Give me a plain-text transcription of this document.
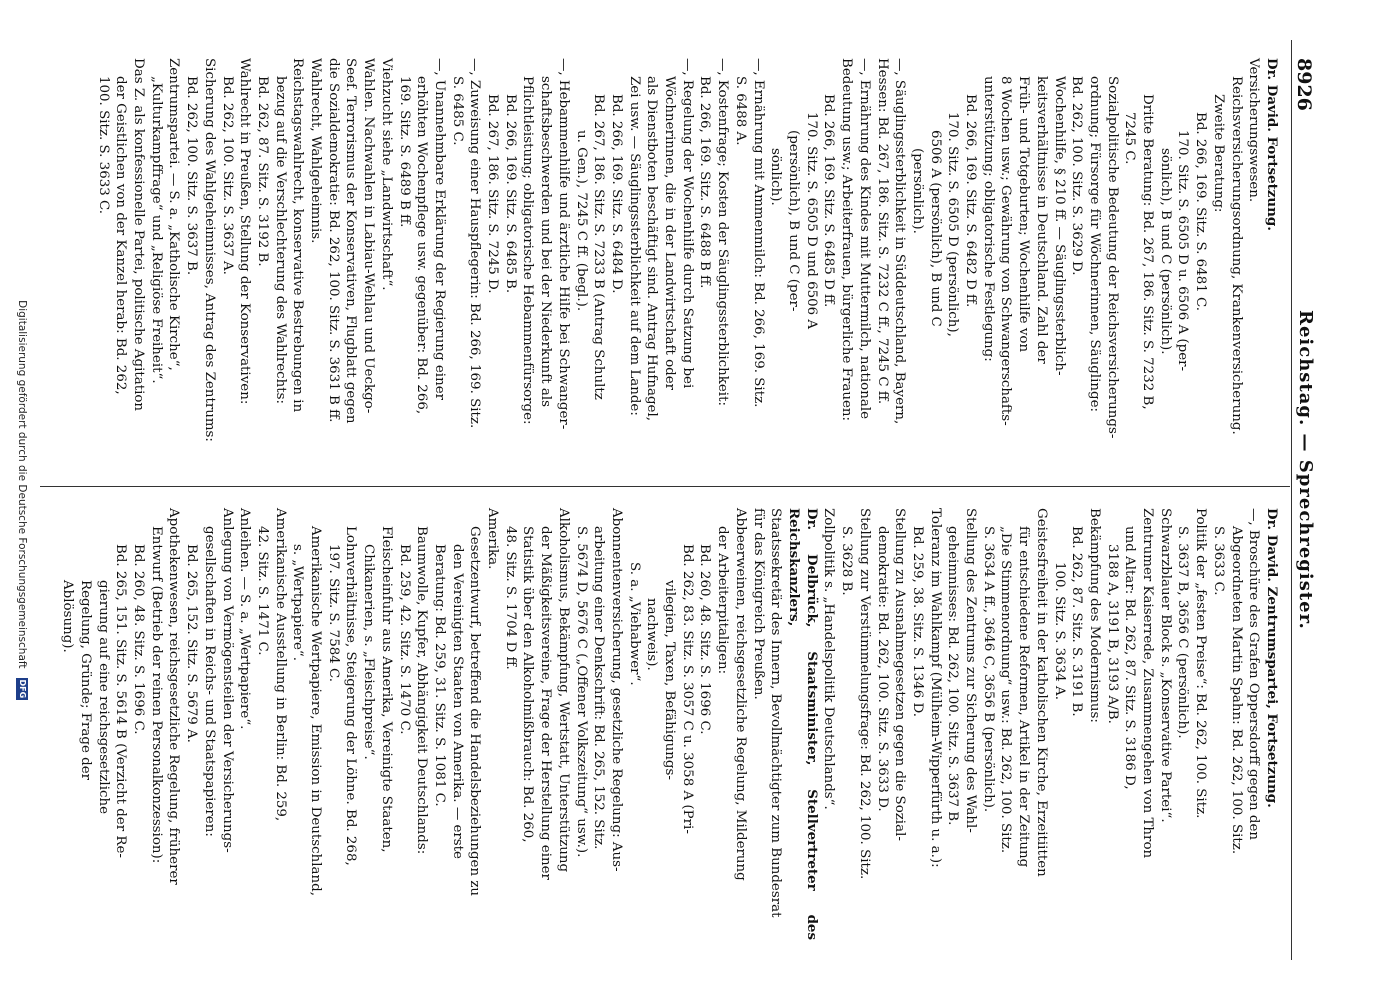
8926
Reichstag. — Sprechregister.

Dr. David. Fortsetzung.

Versicherungswesen.

Reichsversicherungsordnung, Krankenversicherung.

Zweite Beratung:

Bd. 266, 169. Sitz. S. 6481 C.

170. Sitz. S. 6505 D u. 6506 A (per-

sönlich), B und C (persönlich).

Dritte Beratung: Bd. 267, 186. Sitz. S. 7232 B,

7245 C.

Sozialpolitische Bedeutung der Reichsversicherungs-

ordnung; Fürsorge für Wöchnerinnen, Säuglinge:

Bd. 262, 100. Sitz. S. 3629 D.

Wochenhilfe, § 210 ff. — Säuglingssterblich-

keitsverhältnisse in Deutschland. Zahl der

Früh- und Totgeburten; Wochenhilfe von

8 Wochen usw.; Gewährung von Schwangerschafts-

unterstützung; obligatorische Festlegung:

Bd. 266, 169. Sitz. S. 6482 D ff.

170. Sitz. S. 6505 D (persönlich),

6506 A (persönlich), B und C

(persönlich).

—, Säuglingssterblichkeit in Süddeutschland, Bayern,

Hessen: Bd. 267, 186. Sitz. S. 7232 C ff., 7245 C ff.

—, Ernährung des Kindes mit Muttermilch, nationale

Bedeutung usw.; Arbeiterfrauen, bürgerliche Frauen:

Bd. 266, 169. Sitz. S. 6485 D ff.

170. Sitz. S. 6505 D und 6506 A

(persönlich), B und C (per-

sönlich).

—, Ernährung mit Ammenmilch: Bd. 266, 169. Sitz.

S. 6488 A.

—, Kostenfrage; Kosten der Säuglingssterblichkeit:

Bd. 266, 169. Sitz. S. 6488 B ff.

—, Regelung der Wochenhilfe durch Satzung bei

Wöchnerinnen, die in der Landwirtschaft oder

als Dienstboten beschäftigt sind. Antrag Hufnagel,

Zei usw. — Säuglingssterblichkeit auf dem Lande:

Bd. 266, 169. Sitz. S. 6484 D.

Bd. 267, 186. Sitz. S. 7233 B (Antrag Schultz

u. Gen.), 7245 C ff. (begl.).

—, Hebammenhilfe und ärztliche Hilfe bei Schwanger-

schaftsbeschwerden und bei der Niederkunft als

Pflichtleistung; obligatorische Hebammenfürsorge:

Bd. 266, 169. Sitz. S. 6485 B.

Bd. 267, 186. Sitz. S. 7245 D.

—, Zuweisung einer Hauspflegerin: Bd. 266, 169. Sitz.

S. 6485 C.

—, Unannehmbare Erklärung der Regierung einer

erhöhten Wochenpflege usw. gegenüber: Bd. 266,

169. Sitz. S. 6489 B ff.

Viehzucht siehe „Landwirtschaft“.

Wahlen. Nachwahlen in Labiau-Wehlau und Ueckgo-

Seef. Terrorismus der Konservativen, Flugblatt gegen

die Sozialdemokratie: Bd. 262, 100. Sitz. S. 3631 B ff.

Wahlrecht, Wahlgeheimnis.

Reichstagswahlrecht, konservative Bestrebungen in

bezug auf die Verschlechterung des Wahlrechts:

Bd. 262, 87. Sitz. S. 3192 B.

Wahlrecht in Preußen, Stellung der Konservativen:

Bd. 262, 100. Sitz. S. 3637 A.

Sicherung des Wahlgeheimnisses, Antrag des Zentrums:

Bd. 262, 100. Sitz. S. 3637 B.

Zentrumspartei. — S. a. „Katholische Kirche“,

„Kulturkampffrage“ und „Religiöse Freiheit“.

Das Z. als konfessionelle Partei, politische Agitation

der Geistlichen von der Kanzel herab: Bd. 262,

100. Sitz. S. 3633 C.

Dr. David. Zentrumspartei, Fortsetzung.

—, Broschüre des Grafen Oppersdorff gegen den

Abgeordneten Martin Spahn: Bd. 262, 100. Sitz.

S. 3633 C.

Politik der „festen Preise“: Bd. 262, 100. Sitz.

S. 3637 B, 3656 C (persönlich).

Schwarzblauer Block s. „Konservative Partei“.

Zentrumer Kaiserrede, Zusammengehen von Thron

und Altar: Bd. 262, 87. Sitz. S. 3186 D,

3188 A, 3191 B, 3193 A/B.

Bekämpfung des Modernismus:

Bd. 262, 87. Sitz. S. 3191 B.

100. Sitz. S. 3634 A.

Geistesfreiheit in der katholischen Kirche, Erzeitiitten

für entschiedene Reformen, Artikel in der Zeitung

„Die Stimmenordnung“ usw.: Bd. 262, 100. Sitz.

S. 3634 A ff., 3646 C, 3656 B (persönlich).

Stellung des Zentrums zur Sicherung des Wahl-

geheimnisses: Bd. 262, 100. Sitz. S. 3637 B.

Toleranz im Wahlkampf (Mülheim-Wipperfürth u. a.):

Bd. 259, 38. Sitz. S. 1346 D.

Stellung zu Ausnahmegesetzen gegen die Sozial-

demokratie: Bd. 262, 100. Sitz. S. 3633 D.

Stellung zur Verstümmelungsfrage: Bd. 262, 100. Sitz.

S. 3628 B.

Zollpolitik s. „Handelspolitik Deutschlands“.

Dr. Delbrück, Staatsminister, Stellvertreter des Reichskanzlers,

Staatssekretär des Innern, Bevollmächtigter zum Bundesrat

für das Königreich Preußen.

Abbeerweinen, reichsgesetzliche Regelung, Milderung

der Arbeiterpitaligen:

Bd. 260, 48. Sitz. S. 1696 C.

Bd. 262, 83. Sitz. S. 3057 C u. 3058 A (Pri-

vilegien, Taxen, Befähigungs-

nachweis).

S. a. „Viehabwer“.

Abonnentenversicherung, gesetzliche Regelung: Aus-

arbeitung einer Denkschrift: Bd. 265, 152. Sitz.

S. 5674 D, 5676 C („Offener Volkszeitung“ usw.).

Alkoholismus, Bekämpfung, Wertstatt, Unterstützung

der Mäßigkeitsvereine, Frage der Herstellung einer

Statistik über den Alkoholmißbrauch: Bd. 260,

48. Sitz. S. 1704 D ff.

Amerika.

Gesetzentwurf, betreffend die Handelsbeziehungen zu

den Vereinigten Staaten von Amerika. — erste

Beratung: Bd. 259, 31. Sitz. S. 1081 C.

Baumwolle, Kupfer, Abhängigkeit Deutschlands:

Bd. 259, 42. Sitz. S. 1470 C.

Fleischeinfuhr aus Amerika, Vereinigte Staaten,

Chikanerien, s. „Fleischpreise“.

Lohnverhältnisse, Steigerung der Löhne. Bd. 268,

197. Sitz. S. 7584 C.

Amerikanische Wertpapiere, Emission in Deutschland,

s. „Wertpapiere“.

Amerikanische Ausstellung in Berlin: Bd. 259,

42. Sitz. S. 1471 C.

Anleihen. — S. a. „Wertpapiere“.

Anlegung von Vermögensteilen der Versicherungs-

gesellschaften in Reichs- und Staatspapieren:

Bd. 265, 152. Sitz. S. 5679 A.

Apothekenwesen, reichsgesetzliche Regelung, früherer

Entwurf (Betrieb der reinen Personalkonzession):

Bd. 260, 48. Sitz. S. 1696 C.

Bd. 265, 151. Sitz. S. 5614 B (Verzicht der Re-

gierung auf eine reichsgesetzliche

Regelung, Gründe; Frage der

Ablösung).

Digitalisierung gefördert durch die Deutsche Forschungsgemeinschaft DFG
